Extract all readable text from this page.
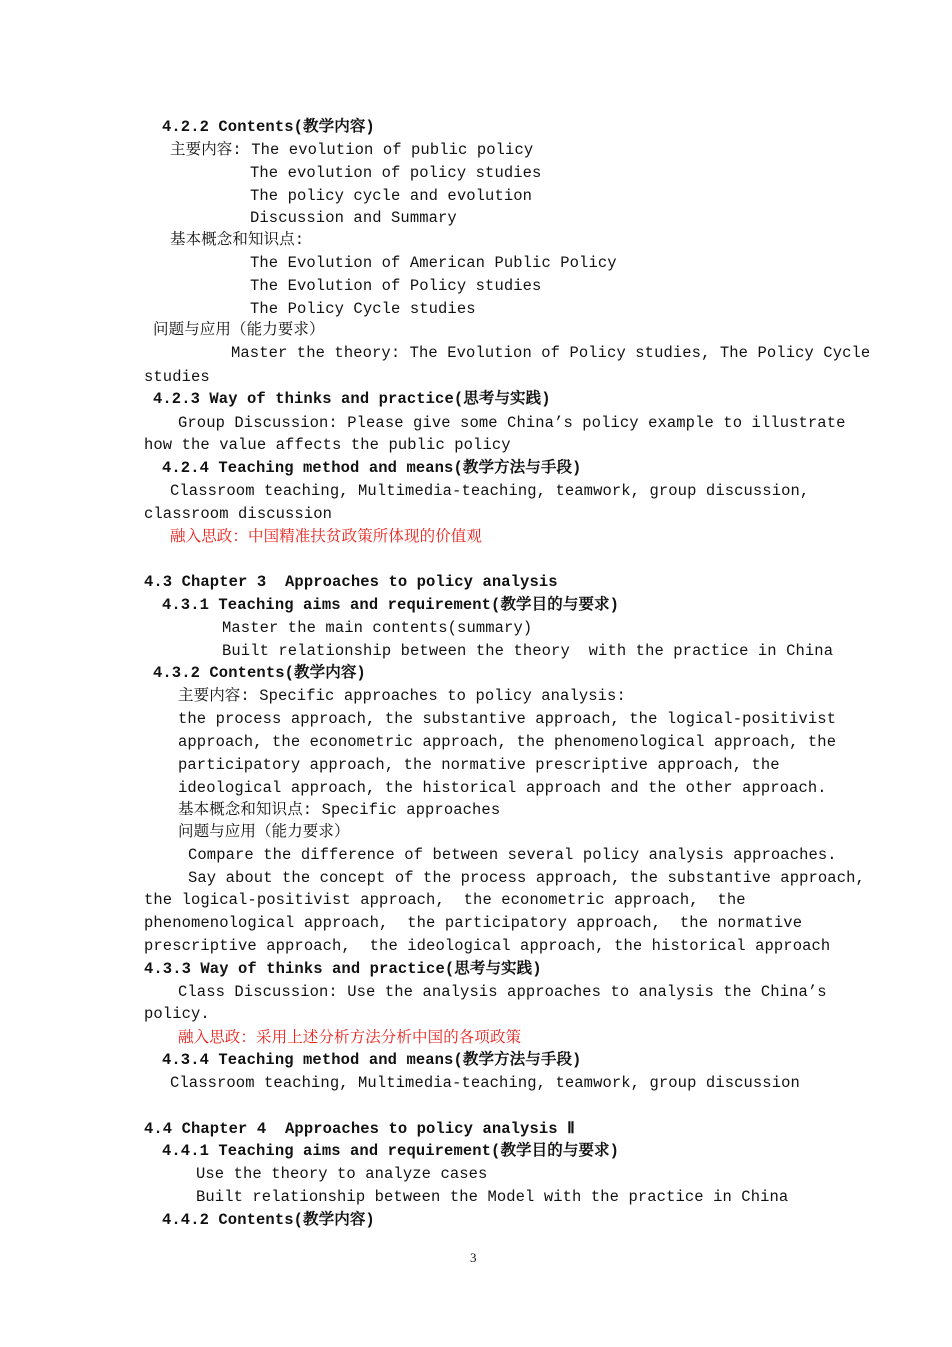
4.2.2 Contents(教学内容)
主要内容: The evolution of public policy
The evolution of policy studies
The policy cycle and evolution
Discussion and Summary
基本概念和知识点:
The Evolution of American Public Policy
The Evolution of Policy studies
The Policy Cycle studies
问题与应用（能力要求）
Master the theory: The Evolution of Policy studies, The Policy Cycle
studies
4.2.3 Way of thinks and practice(思考与实践)
Group Discussion: Please give some China’s policy example to illustrate
how the value affects the public policy
4.2.4 Teaching method and means(教学方法与手段)
Classroom teaching, Multimedia-teaching, teamwork, group discussion,
classroom discussion
融入思政：中国精准扶贫政策所体现的价值观
4.3 Chapter 3  Approaches to policy analysis
4.3.1 Teaching aims and requirement(教学目的与要求)
Master the main contents(summary)
Built relationship between the theory  with the practice in China
4.3.2 Contents(教学内容)
主要内容: Specific approaches to policy analysis:
the process approach, the substantive approach, the logical-positivist
approach, the econometric approach, the phenomenological approach, the
participatory approach, the normative prescriptive approach, the
ideological approach, the historical approach and the other approach.
基本概念和知识点: Specific approaches
问题与应用（能力要求）
Compare the difference of between several policy analysis approaches.
Say about the concept of the process approach, the substantive approach,
the logical-positivist approach,  the econometric approach,  the
phenomenological approach,  the participatory approach,  the normative
prescriptive approach,  the ideological approach, the historical approach
4.3.3 Way of thinks and practice(思考与实践)
Class Discussion: Use the analysis approaches to analysis the China’s
policy.
融入思政：采用上述分析方法分析中国的各项政策
4.3.4 Teaching method and means(教学方法与手段)
Classroom teaching, Multimedia-teaching, teamwork, group discussion
4.4 Chapter 4  Approaches to policy analysis Ⅱ
4.4.1 Teaching aims and requirement(教学目的与要求)
Use the theory to analyze cases
Built relationship between the Model with the practice in China
4.4.2 Contents(教学内容)
3
